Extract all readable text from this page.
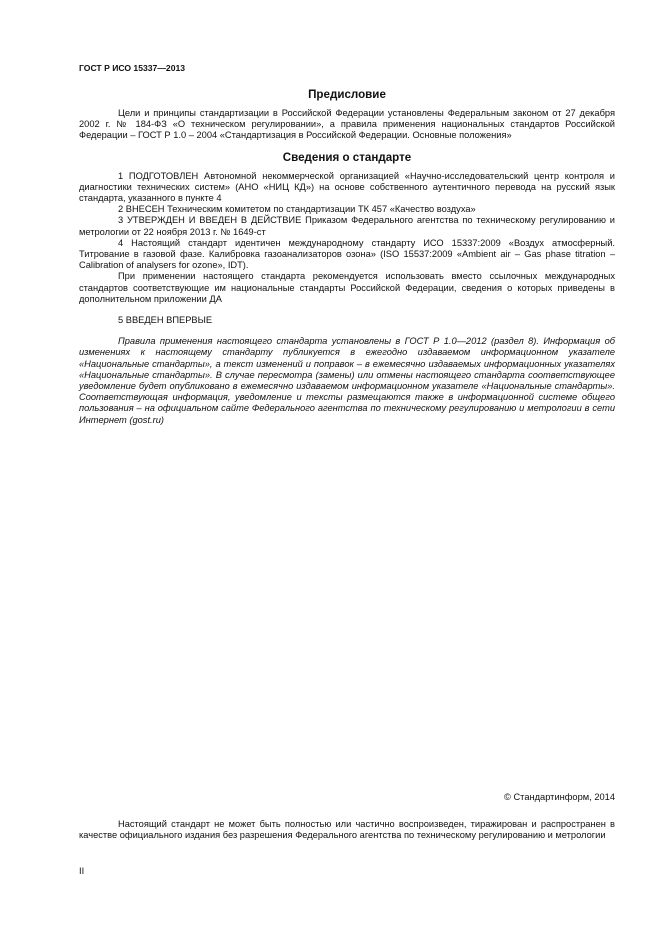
ГОСТ Р ИСО 15337—2013
Предисловие

Цели и принципы стандартизации в Российской Федерации установлены Федеральным законом от 27 декабря 2002 г. № 184-ФЗ «О техническом регулировании», а правила применения национальных стандартов Российской Федерации – ГОСТ Р 1.0 – 2004 «Стандартизация в Российской Федерации. Основные положения»

Сведения о стандарте

1 ПОДГОТОВЛЕН Автономной некоммерческой организацией «Научно-исследовательский центр контроля и диагностики технических систем» (АНО «НИЦ КД») на основе собственного аутентичного перевода на русский язык стандарта, указанного в пункте 4

2 ВНЕСЕН Техническим комитетом по стандартизации ТК 457 «Качество воздуха»

3 УТВЕРЖДЕН И ВВЕДЕН В ДЕЙСТВИЕ Приказом Федерального агентства по техническому регулированию и метрологии от 22 ноября 2013 г. № 1649-ст

4 Настоящий стандарт идентичен международному стандарту ИСО 15337:2009 «Воздух атмосферный. Титрование в газовой фазе. Калибровка газоанализаторов озона» (ISO 15537:2009 «Ambient air – Gas phase titration – Calibration of analysers for ozone», IDT).

При применении настоящего стандарта рекомендуется использовать вместо ссылочных международных стандартов соответствующие им национальные стандарты Российской Федерации, сведения о которых приведены в дополнительном приложении ДА

5 ВВЕДЕН ВПЕРВЫЕ

Правила применения настоящего стандарта установлены в ГОСТ Р 1.0—2012 (раздел 8). Информация об изменениях к настоящему стандарту публикуется в ежегодно издаваемом информационном указателе «Национальные стандарты», а текст изменений и поправок – в ежемесячно издаваемых информационных указателях «Национальные стандарты». В случае пересмотра (замены) или отмены настоящего стандарта соответствующее уведомление будет опубликовано в ежемесячно издаваемом информационном указателе «Национальные стандарты». Соответствующая информация, уведомление и тексты размещаются также в информационной системе общего пользования – на официальном сайте Федерального агентства по техническому регулированию и метрологии в сети Интернет (gost.ru)

© Стандартинформ, 2014

Настоящий стандарт не может быть полностью или частично воспроизведен, тиражирован и распространен в качестве официального издания без разрешения Федерального агентства по техническому регулированию и метрологии

II
